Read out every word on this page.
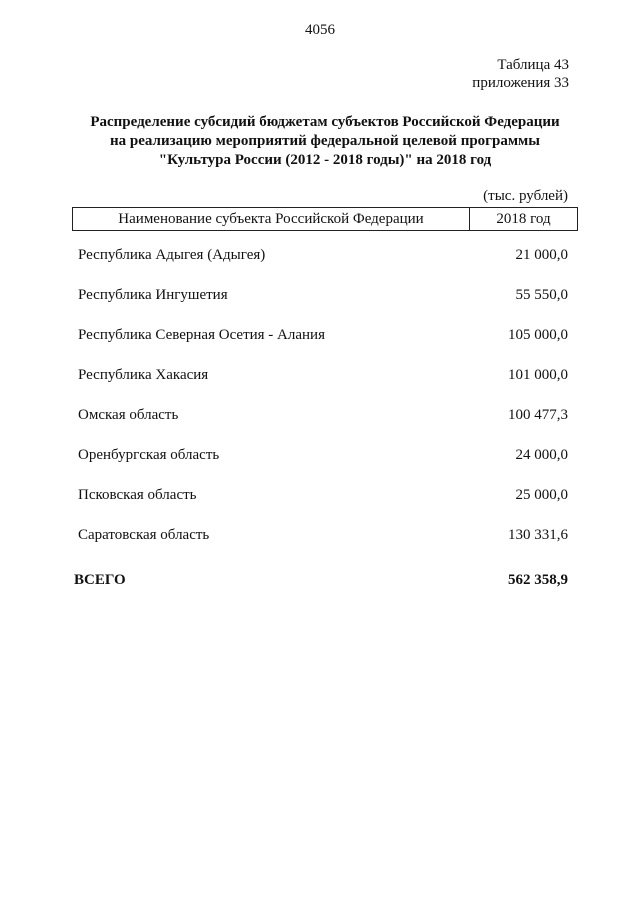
4056
Таблица 43
приложения 33
Распределение субсидий бюджетам субъектов Российской Федерации
на реализацию мероприятий федеральной целевой программы
"Культура России (2012 - 2018 годы)" на 2018 год
(тыс. рублей)
Наименование субъекта Российской Федерации	2018 год
Республика Адыгея (Адыгея)	21 000,0
Республика Ингушетия	55 550,0
Республика Северная Осетия - Алания	105 000,0
Республика Хакасия	101 000,0
Омская область	100 477,3
Оренбургская область	24 000,0
Псковская область	25 000,0
Саратовская область	130 331,6
ВСЕГО	562 358,9
